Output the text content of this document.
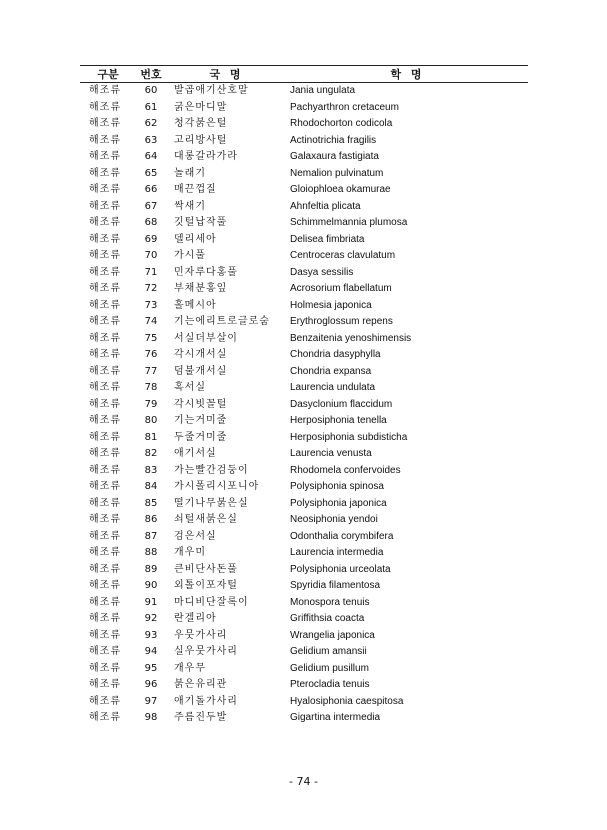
구분	번호	국 명	학 명
해조류	60	발곱애기산호말	Jania ungulata
해조류	61	굵은마디말	Pachyarthron cretaceum
해조류	62	청각붉은털	Rhodochorton codicola
해조류	63	고리방사털	Actinotrichia fragilis
해조류	64	대롱갈라가라	Galaxaura fastigiata
해조류	65	놀래기	Nemalion pulvinatum
해조류	66	매끈껍질	Gloiophloea okamurae
해조류	67	싹새기	Ahnfeltia plicata
해조류	68	깃털납작풀	Schimmelmannia plumosa
해조류	69	델리세아	Delisea fimbriata
해조류	70	가시풀	Centroceras clavulatum
해조류	71	민자루다홍풀	Dasya sessilis
해조류	72	부채분홍잎	Acrosorium flabellatum
해조류	73	홀메시아	Holmesia japonica
해조류	74	기는에리트로글로숨	Erythroglossum repens
해조류	75	서실더부살이	Benzaitenia yenoshimensis
해조류	76	각시개서실	Chondria dasyphylla
해조류	77	덤불개서실	Chondria expansa
해조류	78	혹서실	Laurencia undulata
해조류	79	각시빗꼴털	Dasyclonium flaccidum
해조류	80	기는거미줄	Herposiphonia tenella
해조류	81	두줄거미줄	Herposiphonia subdisticha
해조류	82	애기서실	Laurencia venusta
해조류	83	가는빨간검둥이	Rhodomela confervoides
해조류	84	가시폴리시포니아	Polysiphonia spinosa
해조류	85	떨기나무붉은실	Polysiphonia japonica
해조류	86	쇠털새붉은실	Neosiphonia yendoi
해조류	87	검은서실	Odonthalia corymbifera
해조류	88	개우미	Laurencia intermedia
해조류	89	큰비단사돈풀	Polysiphonia urceolata
해조류	90	외톨이포자털	Spyridia filamentosa
해조류	91	마디비단잘록이	Monospora tenuis
해조류	92	란겔리아	Griffithsia coacta
해조류	93	우뭇가사리	Wrangelia japonica
해조류	94	실우뭇가사리	Gelidium amansii
해조류	95	개우무	Gelidium pusillum
해조류	96	붉은유리관	Pterocladia tenuis
해조류	97	애기돌가사리	Hyalosiphonia caespitosa
해조류	98	주름진두발	Gigartina intermedia
- 74 -
